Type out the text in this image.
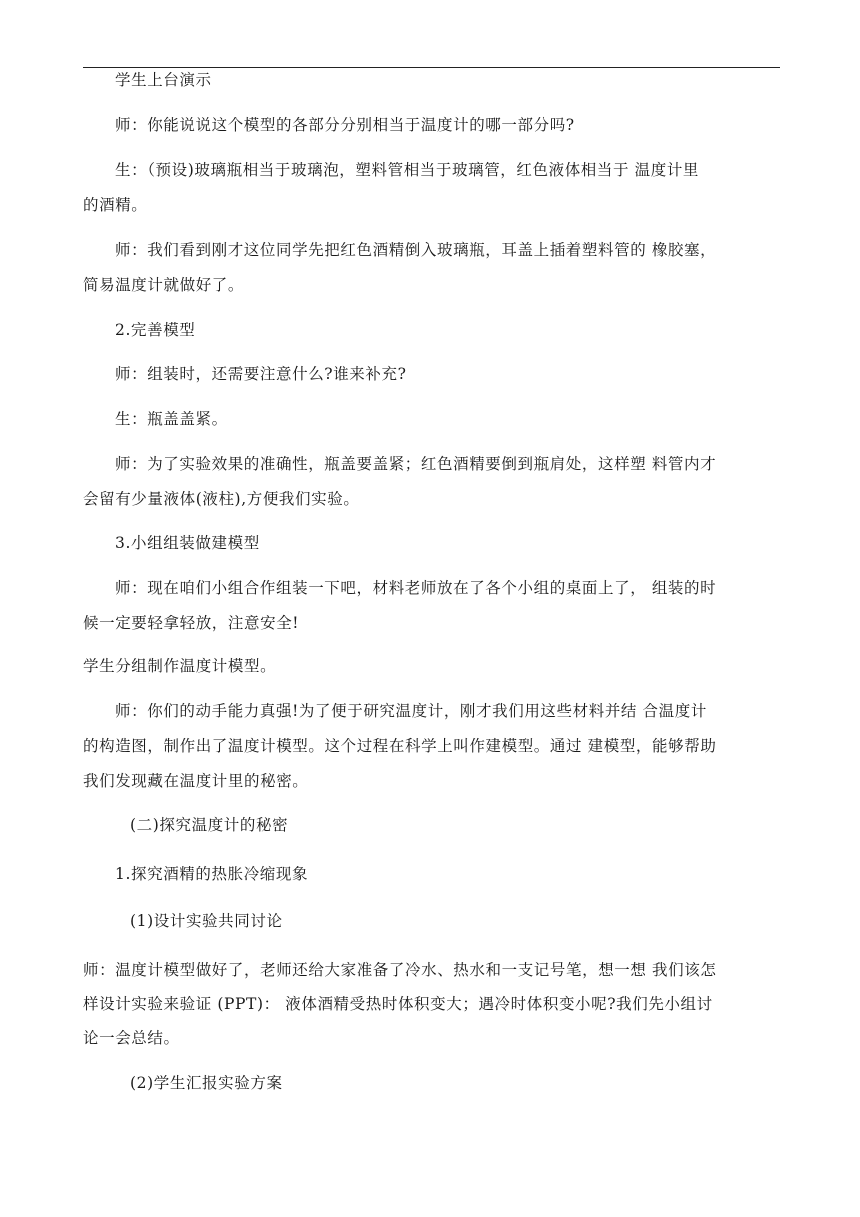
学生上台演示
师：你能说说这个模型的各部分分别相当于温度计的哪一部分吗?
生：（预设)玻璃瓶相当于玻璃泡，塑料管相当于玻璃管，红色液体相当于 温度计里
的酒精。
师：我们看到刚才这位同学先把红色酒精倒入玻璃瓶，耳盖上插着塑料管的 橡胶塞，
简易温度计就做好了。
2.完善模型
师：组装时，还需要注意什么?谁来补充?
生：瓶盖盖紧。
师：为了实验效果的准确性，瓶盖要盖紧；红色酒精要倒到瓶肩处，这样塑 料管内才
会留有少量液体(液柱),方便我们实验。
3.小组组装做建模型
师：现在咱们小组合作组装一下吧，材料老师放在了各个小组的桌面上了， 组装的时
候一定要轻拿轻放，注意安全!
学生分组制作温度计模型。
师：你们的动手能力真强!为了便于研究温度计，刚才我们用这些材料并结 合温度计
的构造图，制作出了温度计模型。这个过程在科学上叫作建模型。通过 建模型，能够帮助
我们发现藏在温度计里的秘密。
(二)探究温度计的秘密
1.探究酒精的热胀冷缩现象
(1)设计实验共同讨论
师：温度计模型做好了，老师还给大家准备了冷水、热水和一支记号笔，想一想 我们该怎
样设计实验来验证 (PPT)： 液体酒精受热时体积变大；遇冷时体积变小呢?我们先小组讨
论一会总结。
(2)学生汇报实验方案
